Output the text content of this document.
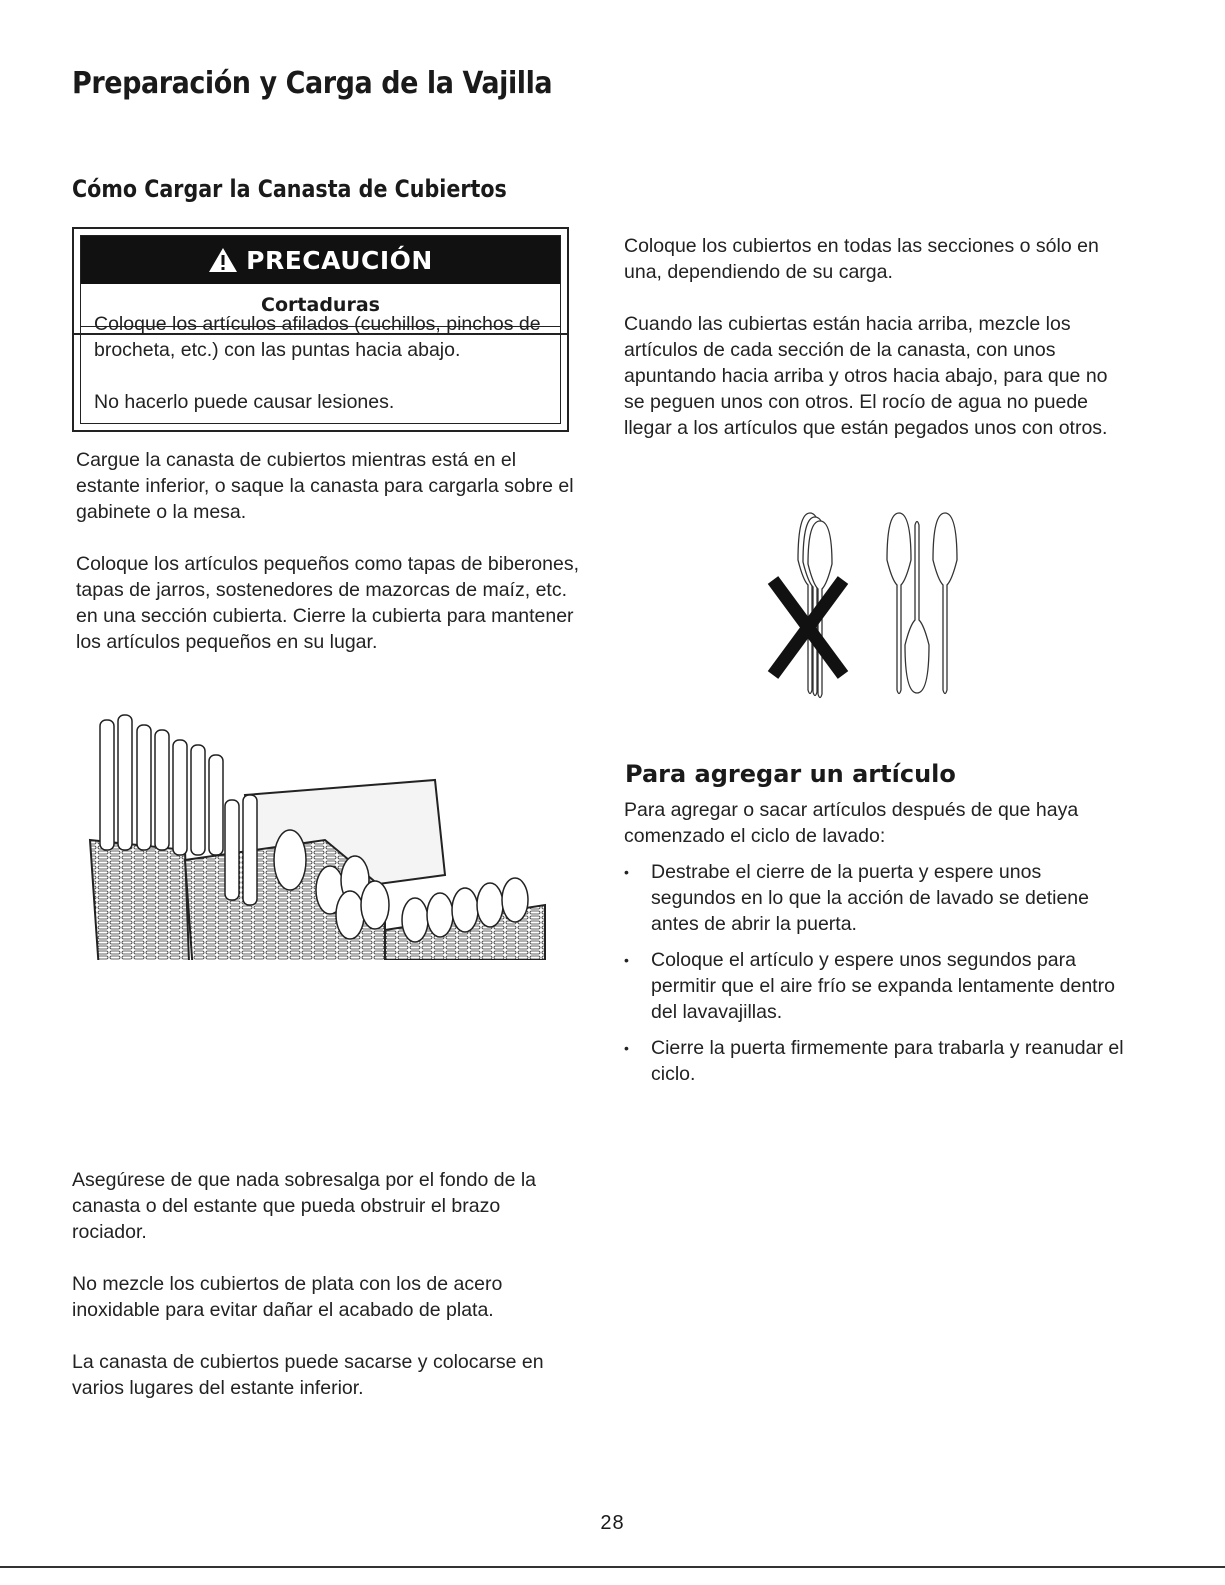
Preparación y Carga de la Vajilla
Cómo Cargar la Canasta de Cubiertos
PRECAUCIÓN
Cortaduras

Coloque los artículos afilados (cuchillos, pinchos de brocheta, etc.) con las puntas hacia abajo.

No hacerlo puede causar lesiones.

Cargue la canasta de cubiertos mientras está en el estante inferior, o saque la canasta para cargarla sobre el gabinete o la mesa.

Coloque los artículos pequeños como tapas de biberones, tapas de jarros, sostenedores de mazorcas de maíz, etc. en una sección cubierta. Cierre la cubierta para mantener los artículos pequeños en su lugar.

Asegúrese de que nada sobresalga por el fondo de la canasta o del estante que pueda obstruir el brazo rociador.

No mezcle los cubiertos de plata con los de acero inoxidable para evitar dañar el acabado de plata.

La canasta de cubiertos puede sacarse y colocarse en varios lugares del estante inferior.

Coloque los cubiertos en todas las secciones o sólo en una, dependiendo de su carga.

Cuando las cubiertas están hacia arriba, mezcle los artículos de cada sección de la canasta, con unos apuntando hacia arriba y otros hacia abajo, para que no se peguen unos con otros. El rocío de agua no puede llegar a los artículos que están pegados unos con otros.

Para agregar un artículo

Para agregar o sacar artículos después de que haya comenzado el ciclo de lavado:

• Destrabe el cierre de la puerta y espere unos segundos en lo que la acción de lavado se detiene antes de abrir la puerta.
• Coloque el artículo y espere unos segundos para permitir que el aire frío se expanda lentamente dentro del lavavajillas.
• Cierre la puerta firmemente para trabarla y reanudar el ciclo.
28
